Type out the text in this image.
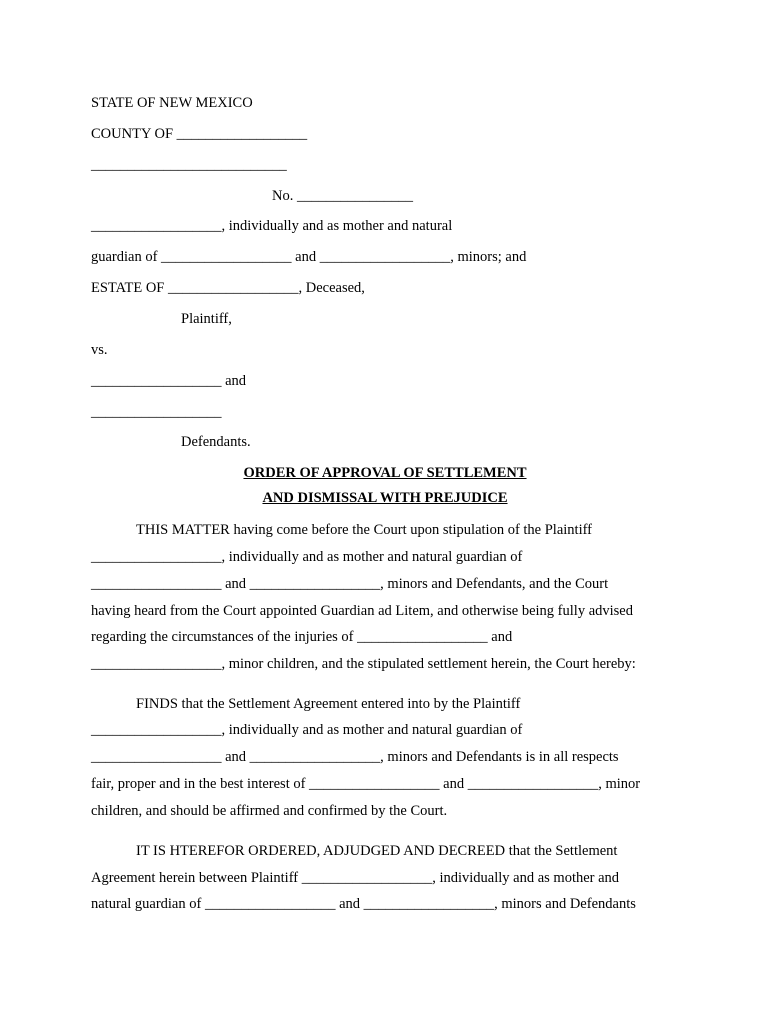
STATE OF NEW MEXICO
COUNTY OF __________________
___________________________
No. ________________
__________________, individually and as mother and natural
guardian of __________________ and __________________, minors; and
ESTATE OF __________________, Deceased,
Plaintiff,
vs.
__________________ and
__________________
Defendants.
ORDER OF APPROVAL OF SETTLEMENT
AND DISMISSAL WITH PREJUDICE
THIS MATTER having come before the Court upon stipulation of the Plaintiff
__________________, individually and as mother and natural guardian of
__________________ and __________________, minors and Defendants, and the Court
having heard from the Court appointed Guardian ad Litem, and otherwise being fully advised
regarding the circumstances of the injuries of __________________ and
__________________, minor children, and the stipulated settlement herein, the Court hereby:
FINDS that the Settlement Agreement entered into by the Plaintiff
__________________, individually and as mother and natural guardian of
__________________ and __________________, minors and Defendants is in all respects
fair, proper and in the best interest of __________________ and __________________, minor
children, and should be affirmed and confirmed by the Court.
IT IS HTEREFOR ORDERED, ADJUDGED AND DECREED that the Settlement
Agreement herein between Plaintiff __________________, individually and as mother and
natural guardian of __________________ and __________________, minors and Defendants
